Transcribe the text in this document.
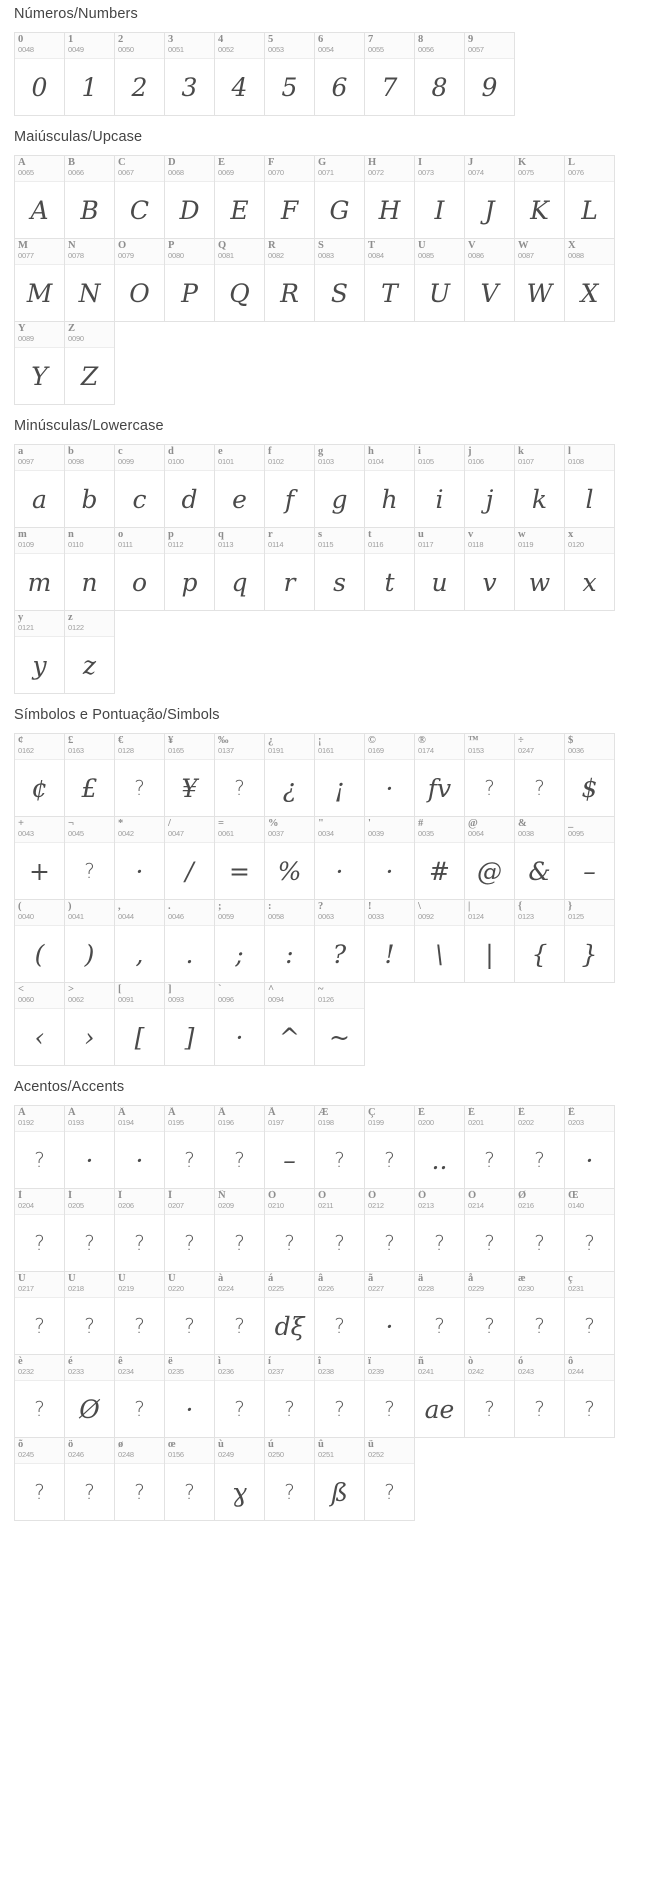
Números/Numbers
0
0048
0
1
0049
1
2
0050
2
3
0051
3
4
0052
4
5
0053
5
6
0054
6
7
0055
7
8
0056
8
9
0057
9
Maiúsculas/Upcase
A
0065
A
B
0066
B
C
0067
C
D
0068
D
E
0069
E
F
0070
F
G
0071
G
H
0072
H
I
0073
I
J
0074
J
K
0075
K
L
0076
L
M
0077
M
N
0078
N
O
0079
O
P
0080
P
Q
0081
Q
R
0082
R
S
0083
S
T
0084
T
U
0085
U
V
0086
V
W
0087
W
X
0088
X
Y
0089
Y
Z
0090
Z
Minúsculas/Lowercase
a
0097
a
b
0098
b
c
0099
c
d
0100
d
e
0101
e
f
0102
f
g
0103
g
h
0104
h
i
0105
i
j
0106
j
k
0107
k
l
0108
l
m
0109
m
n
0110
n
o
0111
o
p
0112
p
q
0113
q
r
0114
r
s
0115
s
t
0116
t
u
0117
u
v
0118
v
w
0119
w
x
0120
x
y
0121
y
z
0122
z
Símbolos e Pontuação/Simbols
¢
0162
¢
£
0163
£
€
0128
?
¥
0165
¥
‰
0137
?
¿
0191
¿
¡
0161
¡
©
0169
·
®
0174
fv
™
0153
?
÷
0247
?
$
0036
$
+
0043
+
¬
0045
?
*
0042
·
/
0047
/
=
0061
=
%
0037
%
"
0034
·
'
0039
·
#
0035
#
@
0064
@
&
0038
&
_
0095
–
(
0040
(
)
0041
)
,
0044
,
.
0046
.
;
0059
;
:
0058
:
?
0063
?
!
0033
!
\
0092
\
|
0124
|
{
0123
{
}
0125
}
<
0060
‹
>
0062
›
[
0091
[
]
0093
]
`
0096
·
^
0094
^
~
0126
~
Acentos/Accents
À
0192
?
Á
0193
·
Â
0194
·
Ã
0195
?
Ä
0196
?
Å
0197
–
Æ
0198
?
Ç
0199
?
È
0200
..
É
0201
?
Ê
0202
?
Ë
0203
·
Ì
0204
?
Í
0205
?
Î
0206
?
Ï
0207
?
Ñ
0209
?
Ò
0210
?
Ó
0211
?
Ô
0212
?
Õ
0213
?
Ö
0214
?
Ø
0216
?
Œ
0140
?
Ù
0217
?
Ú
0218
?
Û
0219
?
Ü
0220
?
à
0224
?
á
0225
dξ
â
0226
?
ã
0227
·
ä
0228
?
å
0229
?
æ
0230
?
ç
0231
?
è
0232
?
é
0233
Ø
ê
0234
?
ë
0235
·
ì
0236
?
í
0237
?
î
0238
?
ï
0239
?
ñ
0241
ae
ò
0242
?
ó
0243
?
ô
0244
?
õ
0245
?
ö
0246
?
ø
0248
?
œ
0156
?
ù
0249
ɣ
ú
0250
?
û
0251
ß
ü
0252
?
